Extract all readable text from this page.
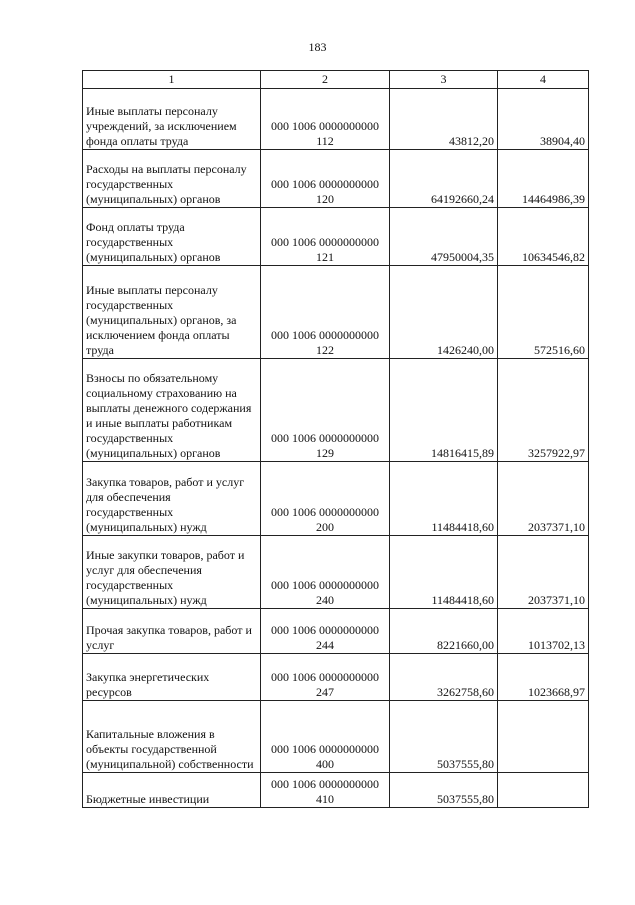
183
1	2	3	4
Иные выплаты персоналу учреждений, за исключением фонда оплаты труда	000 1006 0000000000 112	43812,20	38904,40
Расходы на выплаты персоналу государственных (муниципальных) органов	000 1006 0000000000 120	64192660,24	14464986,39
Фонд оплаты труда государственных (муниципальных) органов	000 1006 0000000000 121	47950004,35	10634546,82
Иные выплаты персоналу государственных (муниципальных) органов, за исключением фонда оплаты труда	000 1006 0000000000 122	1426240,00	572516,60
Взносы по обязательному социальному страхованию на выплаты денежного содержания и иные выплаты работникам государственных (муниципальных) органов	000 1006 0000000000 129	14816415,89	3257922,97
Закупка товаров, работ и услуг для обеспечения государственных (муниципальных) нужд	000 1006 0000000000 200	11484418,60	2037371,10
Иные закупки товаров, работ и услуг для обеспечения государственных (муниципальных) нужд	000 1006 0000000000 240	11484418,60	2037371,10
Прочая закупка товаров, работ и услуг	000 1006 0000000000 244	8221660,00	1013702,13
Закупка энергетических ресурсов	000 1006 0000000000 247	3262758,60	1023668,97
Капитальные вложения в объекты государственной (муниципальной) собственности	000 1006 0000000000 400	5037555,80	
Бюджетные инвестиции	000 1006 0000000000 410	5037555,80	
